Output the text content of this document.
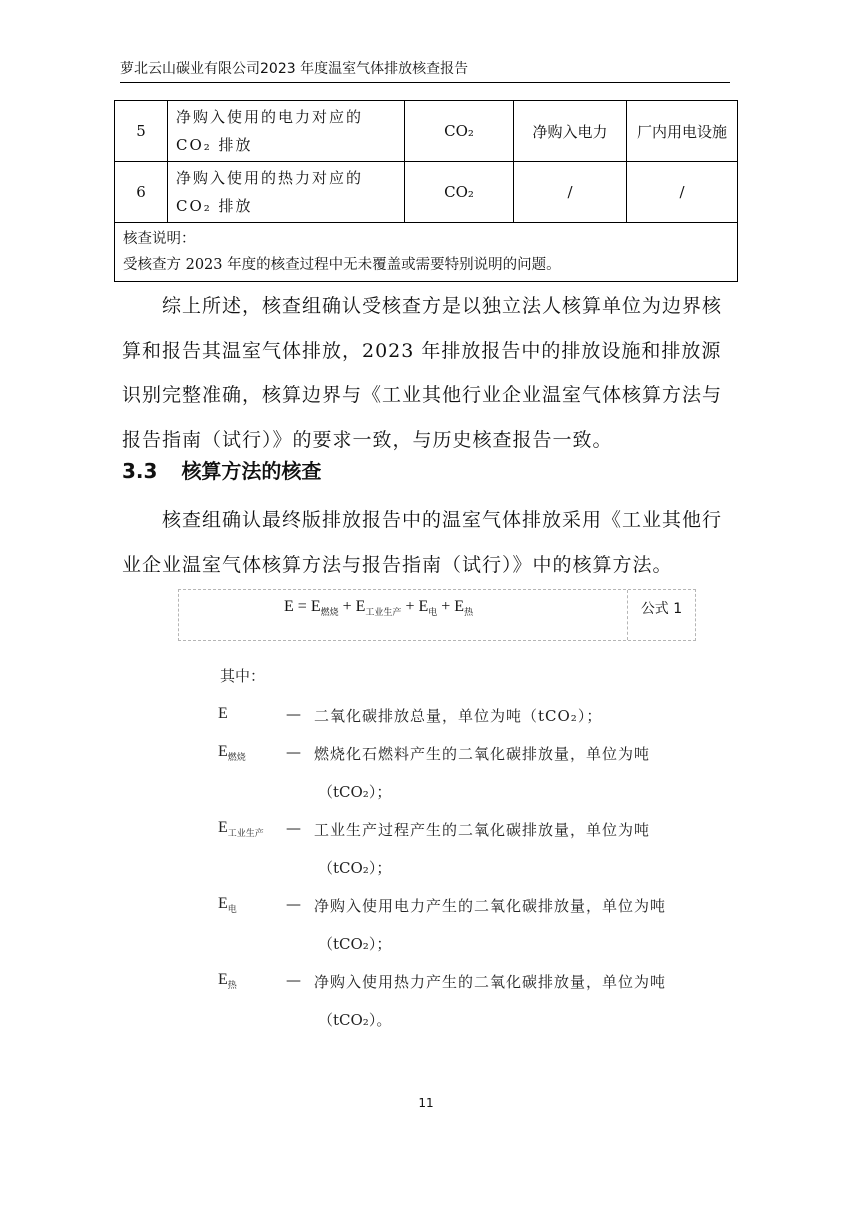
萝北云山碳业有限公司2023 年度温室气体排放核查报告
5	净购入使用的电力对应的CO₂ 排放	CO₂	净购入电力	厂内用电设施
6	净购入使用的热力对应的CO₂ 排放	CO₂	/	/

核查说明：
受核查方 2023 年度的核查过程中无未覆盖或需要特别说明的问题。				

综上所述，核查组确认受核查方是以独立法人核算单位为边界核算和报告其温室气体排放，2023 年排放报告中的排放设施和排放源识别完整准确，核算边界与《工业其他行业企业温室气体核算方法与报告指南（试行）》的要求一致，与历史核查报告一致。

3.3 核算方法的核查

核查组确认最终版排放报告中的温室气体排放采用《工业其他行业企业温室气体核算方法与报告指南（试行）》中的核算方法。

$E = E_{燃烧} + E_{工业生产} + E_电 + E_热$	公式 1
其中：
E	— 二氧化碳排放总量，单位为吨（tCO₂）；
$E_{燃烧}$	— 燃烧化石燃料产生的二氧化碳排放量，单位为吨
（tCO₂）；
$E_{工业生产}$ — 工业生产过程产生的二氧化碳排放量，单位为吨
（tCO₂）；
$E_电$	— 净购入使用电力产生的二氧化碳排放量，单位为吨
（tCO₂）；
$E_热$	— 净购入使用热力产生的二氧化碳排放量，单位为吨
（tCO₂）。
11
